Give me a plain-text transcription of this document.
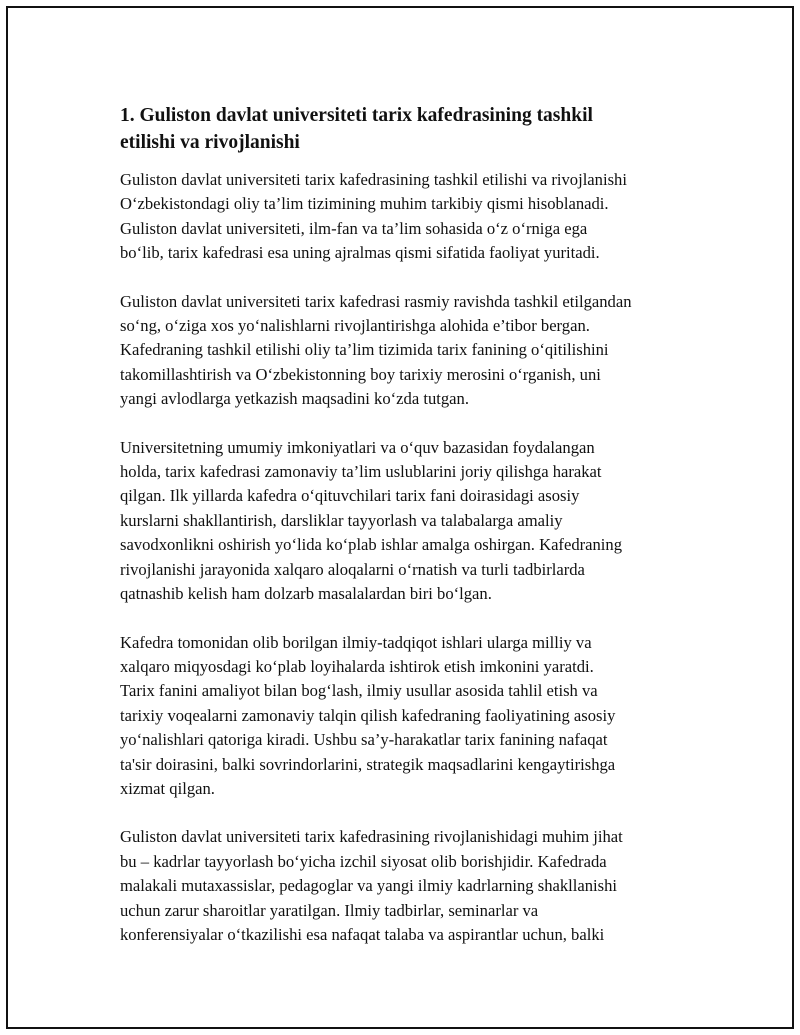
1. Guliston davlat universiteti tarix kafedrasining tashkil
etilishi va rivojlanishi

Guliston davlat universiteti tarix kafedrasining tashkil etilishi va rivojlanishi
O‘zbekistondagi oliy ta’lim tizimining muhim tarkibiy qismi hisoblanadi.
Guliston davlat universiteti, ilm-fan va ta’lim sohasida o‘z o‘rniga ega
bo‘lib, tarix kafedrasi esa uning ajralmas qismi sifatida faoliyat yuritadi.

Guliston davlat universiteti tarix kafedrasi rasmiy ravishda tashkil etilgandan
so‘ng, o‘ziga xos yo‘nalishlarni rivojlantirishga alohida e’tibor bergan.
Kafedraning tashkil etilishi oliy ta’lim tizimida tarix fanining o‘qitilishini
takomillashtirish va O‘zbekistonning boy tarixiy merosini o‘rganish, uni
yangi avlodlarga yetkazish maqsadini ko‘zda tutgan.

Universitetning umumiy imkoniyatlari va o‘quv bazasidan foydalangan
holda, tarix kafedrasi zamonaviy ta’lim uslublarini joriy qilishga harakat
qilgan. Ilk yillarda kafedra o‘qituvchilari tarix fani doirasidagi asosiy
kurslarni shakllantirish, darsliklar tayyorlash va talabalarga amaliy
savodxonlikni oshirish yo‘lida ko‘plab ishlar amalga oshirgan. Kafedraning
rivojlanishi jarayonida xalqaro aloqalarni o‘rnatish va turli tadbirlarda
qatnashib kelish ham dolzarb masalalardan biri bo‘lgan.

Kafedra tomonidan olib borilgan ilmiy-tadqiqot ishlari ularga milliy va
xalqaro miqyosdagi ko‘plab loyihalarda ishtirok etish imkonini yaratdi.
Tarix fanini amaliyot bilan bog‘lash, ilmiy usullar asosida tahlil etish va
tarixiy voqealarni zamonaviy talqin qilish kafedraning faoliyatining asosiy
yo‘nalishlari qatoriga kiradi. Ushbu sa’y-harakatlar tarix fanining nafaqat
ta'sir doirasini, balki sovrindorlarini, strategik maqsadlarini kengaytirishga
xizmat qilgan.

Guliston davlat universiteti tarix kafedrasining rivojlanishidagi muhim jihat
bu – kadrlar tayyorlash bo‘yicha izchil siyosat olib borishjidir. Kafedrada
malakali mutaxassislar, pedagoglar va yangi ilmiy kadrlarning shakllanishi
uchun zarur sharoitlar yaratilgan. Ilmiy tadbirlar, seminarlar va
konferensiyalar o‘tkazilishi esa nafaqat talaba va aspirantlar uchun, balki
